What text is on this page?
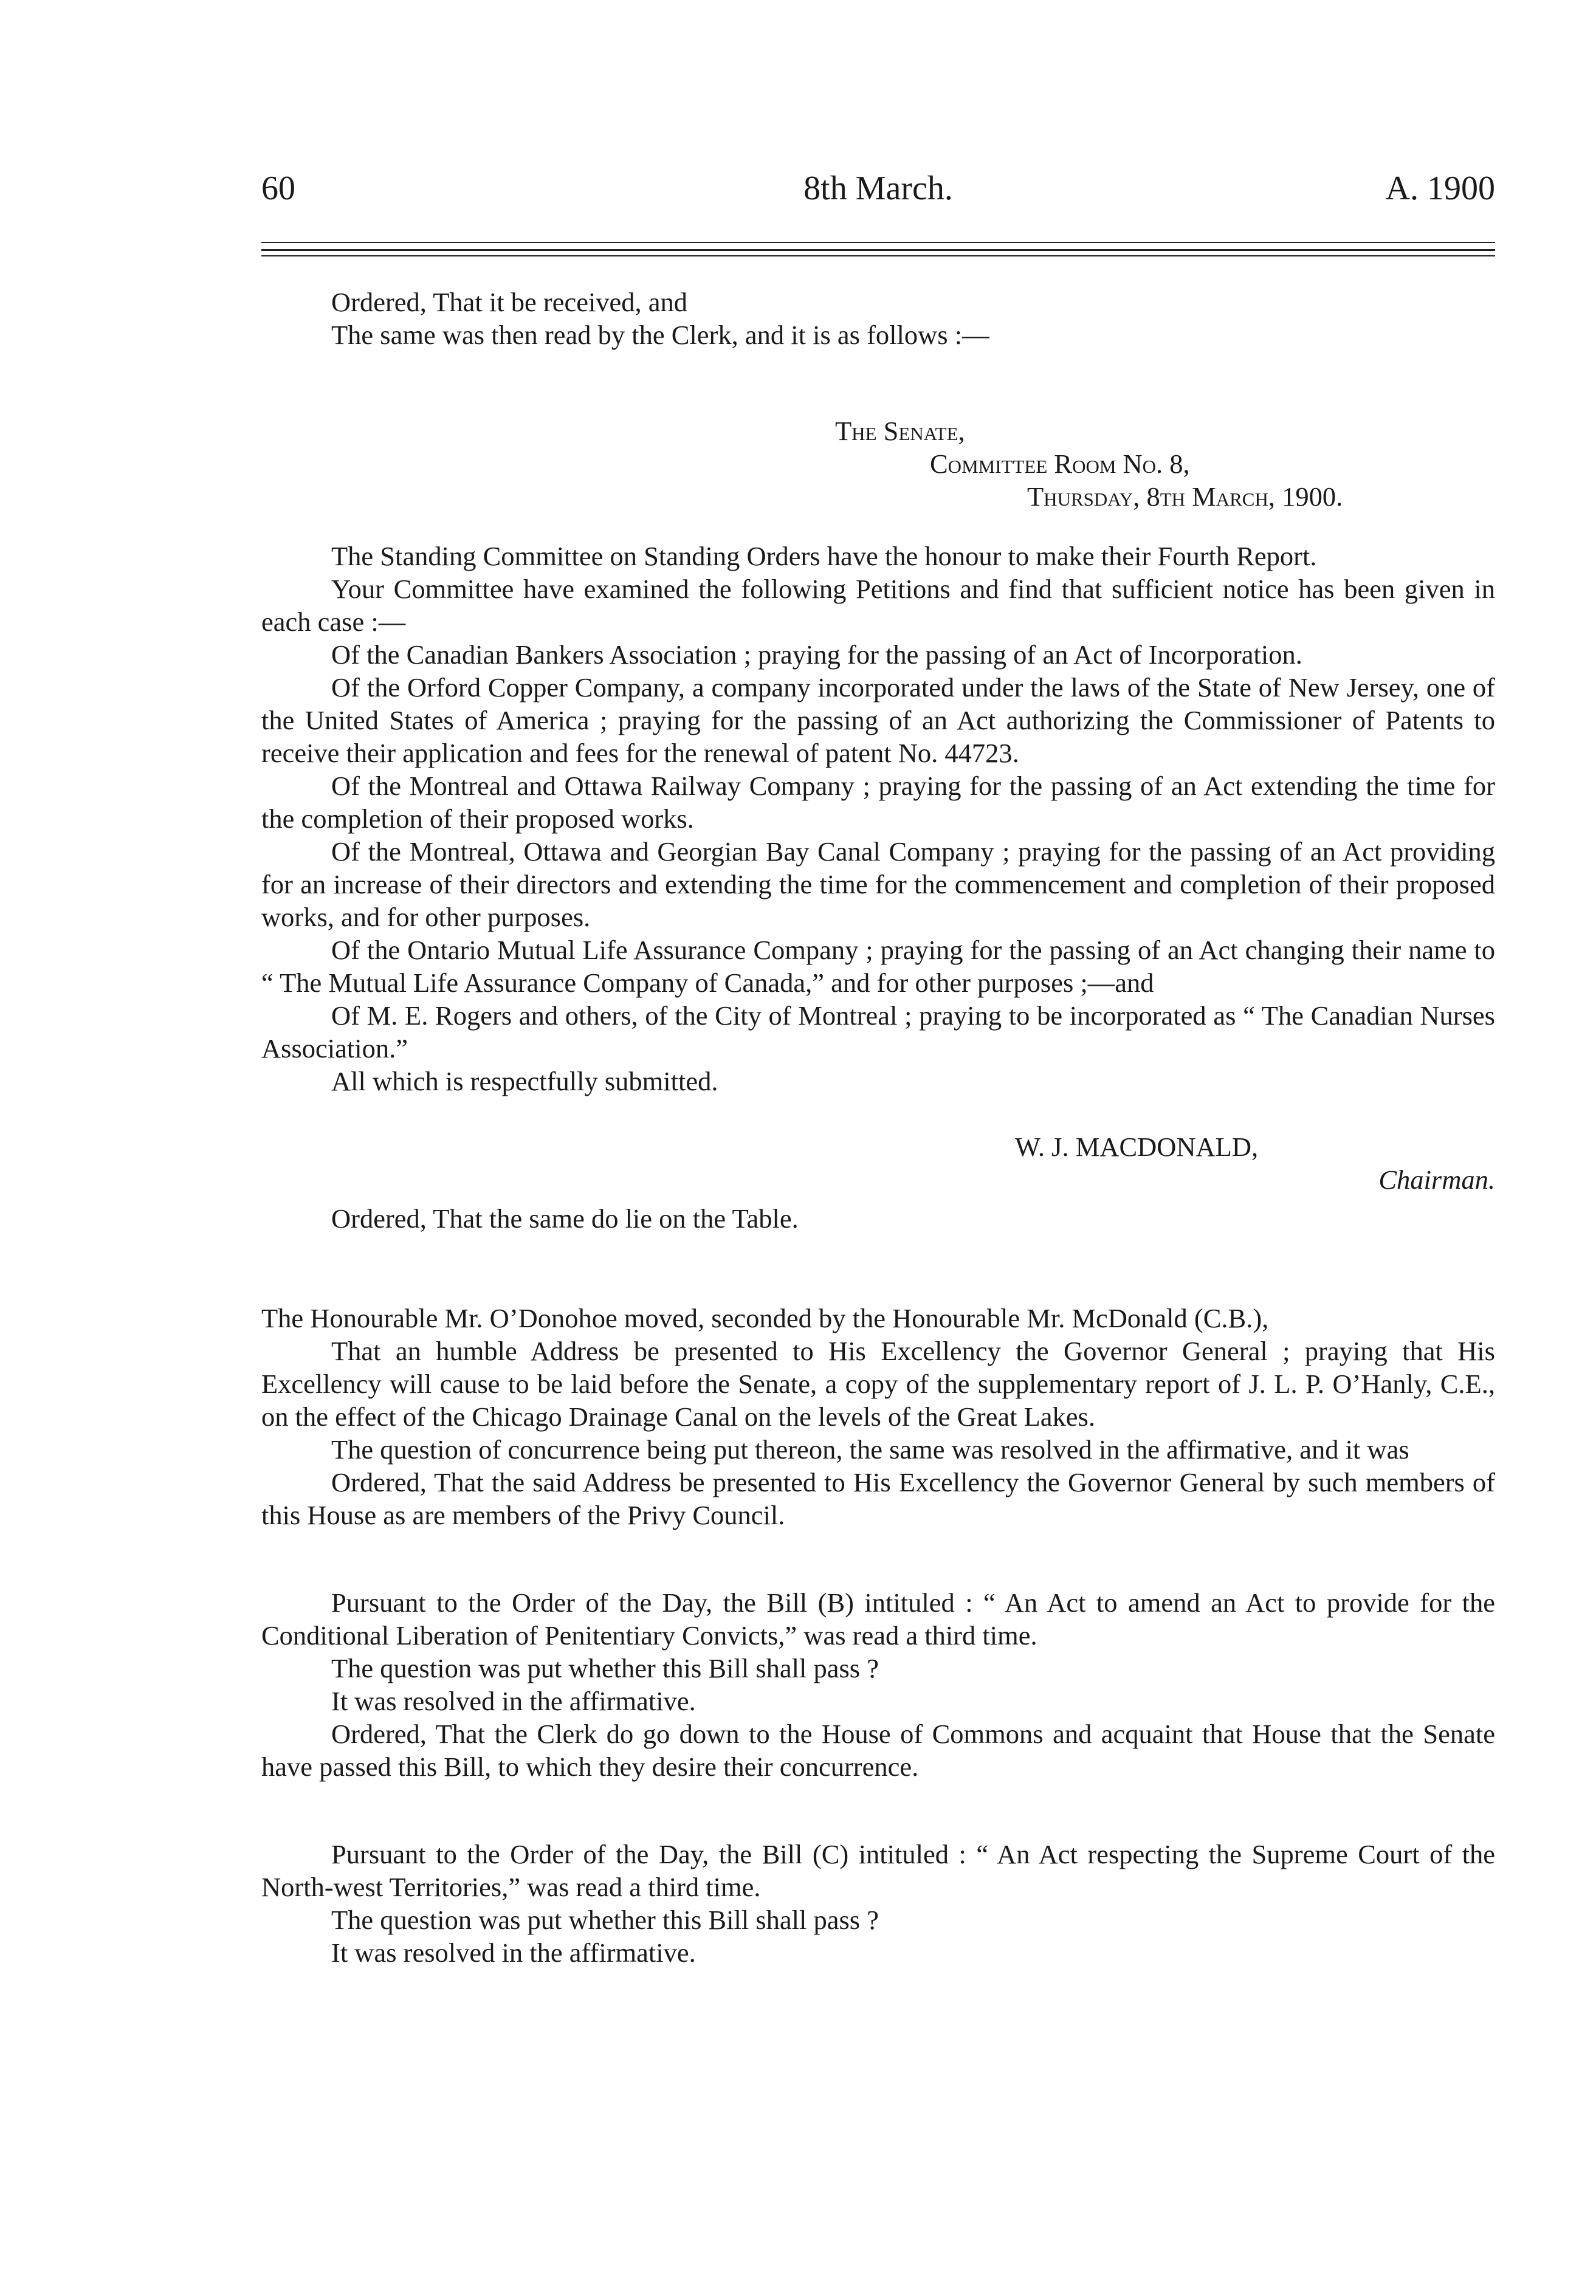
60	8th March.	A. 1900

Ordered, That it be received, and

The same was then read by the Clerk, and it is as follows :—

The Senate,
Committee Room No. 8,
Thursday, 8th March, 1900.

The Standing Committee on Standing Orders have the honour to make their Fourth Report.

Your Committee have examined the following Petitions and find that sufficient notice has been given in each case :—

Of the Canadian Bankers Association ; praying for the passing of an Act of Incorporation.

Of the Orford Copper Company, a company incorporated under the laws of the State of New Jersey, one of the United States of America ; praying for the passing of an Act authorizing the Commissioner of Patents to receive their application and fees for the renewal of patent No. 44723.

Of the Montreal and Ottawa Railway Company ; praying for the passing of an Act extending the time for the completion of their proposed works.

Of the Montreal, Ottawa and Georgian Bay Canal Company ; praying for the passing of an Act providing for an increase of their directors and extending the time for the commencement and completion of their proposed works, and for other purposes.

Of the Ontario Mutual Life Assurance Company ; praying for the passing of an Act changing their name to “ The Mutual Life Assurance Company of Canada,” and for other purposes ;—and

Of M. E. Rogers and others, of the City of Montreal ; praying to be incorporated as “ The Canadian Nurses Association.”

All which is respectfully submitted.

W. J. MACDONALD,
Chairman.

Ordered, That the same do lie on the Table.

The Honourable Mr. O’Donohoe moved, seconded by the Honourable Mr. McDonald (C.B.),

That an humble Address be presented to His Excellency the Governor General ; praying that His Excellency will cause to be laid before the Senate, a copy of the supplementary report of J. L. P. O’Hanly, C.E., on the effect of the Chicago Drainage Canal on the levels of the Great Lakes.

The question of concurrence being put thereon, the same was resolved in the affirmative, and it was

Ordered, That the said Address be presented to His Excellency the Governor General by such members of this House as are members of the Privy Council.

Pursuant to the Order of the Day, the Bill (B) intituled : “ An Act to amend an Act to provide for the Conditional Liberation of Penitentiary Convicts,” was read a third time.

The question was put whether this Bill shall pass ?

It was resolved in the affirmative.

Ordered, That the Clerk do go down to the House of Commons and acquaint that House that the Senate have passed this Bill, to which they desire their concurrence.

Pursuant to the Order of the Day, the Bill (C) intituled : “ An Act respecting the Supreme Court of the North-west Territories,” was read a third time.

The question was put whether this Bill shall pass ?

It was resolved in the affirmative.
